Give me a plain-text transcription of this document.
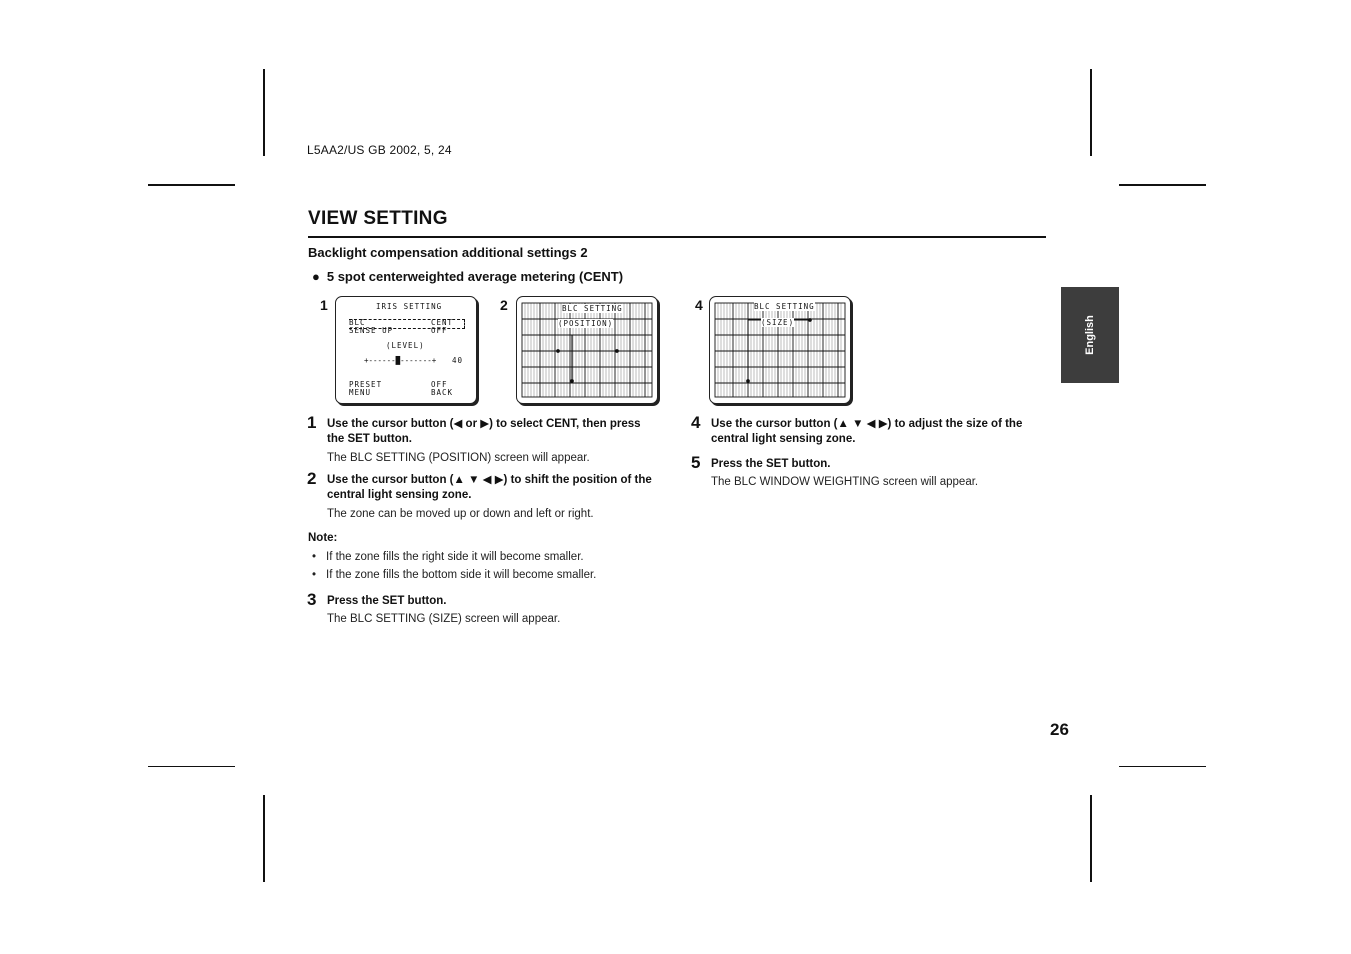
L5AA2/US GB 2002, 5, 24
VIEW SETTING
Backlight compensation additional settings 2
● 5 spot centerweighted average metering (CENT)
1	IRIS SETTING
BLC	CENT
SENSE UP	OFF
(LEVEL)
+------█-------+ 40
PRESET
MENU
OFF
BACK
2	BLC SETTING
(POSITION)
4	BLC SETTING
(SIZE)
1 Use the cursor button (◀ or ▶) to select CENT, then press the SET button.
The BLC SETTING (POSITION) screen will appear.
2 Use the cursor button (▲ ▼ ◀ ▶) to shift the position of the central light sensing zone.
The zone can be moved up or down and left or right.
Note:
• If the zone fills the right side it will become smaller.
• If the zone fills the bottom side it will become smaller.
3 Press the SET button.
The BLC SETTING (SIZE) screen will appear.
4 Use the cursor button (▲ ▼ ◀ ▶) to adjust the size of the central light sensing zone.
5 Press the SET button.
The BLC WINDOW WEIGHTING screen will appear.
English
26
